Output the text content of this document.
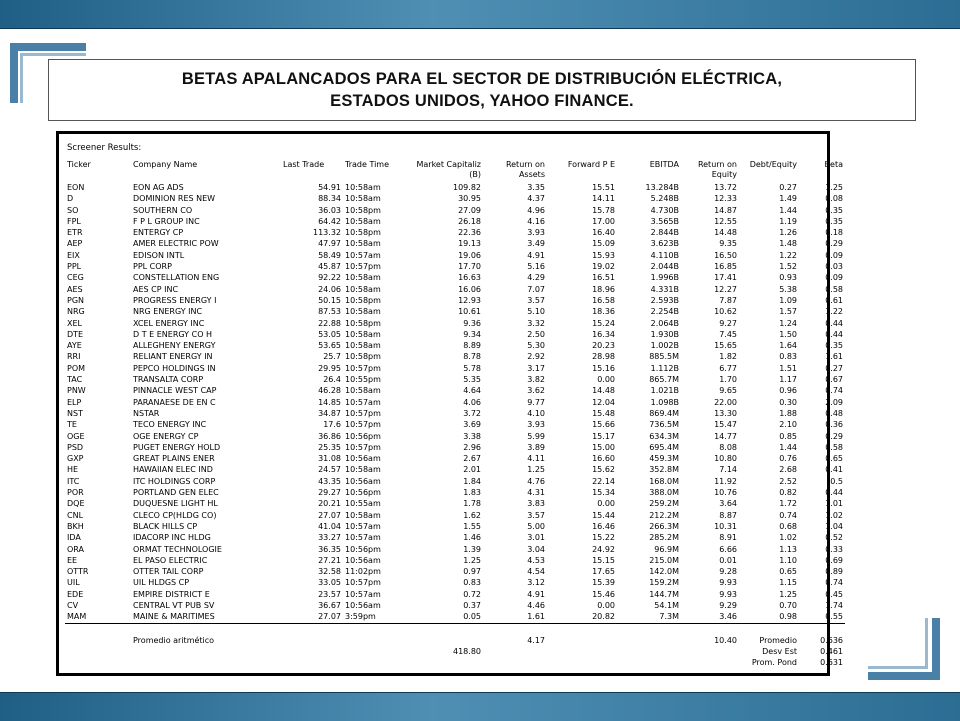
BETAS APALANCADOS PARA EL SECTOR DE DISTRIBUCIÓN ELÉCTRICA,
ESTADOS UNIDOS, YAHOO FINANCE.
Screener Results:
Ticker	Company Name	Last Trade	Trade Time	Market Capitaliz (B)	Return on Assets	Forward P E	EBITDA	Return on Equity	Debt/Equity	Beta
EON	EON AG ADS	54.91	10:58am	109.82	3.35	15.51	13.284B	13.72	0.27	1.25
D	DOMINION RES NEW	88.34	10:58am	30.95	4.37	14.11	5.248B	12.33	1.49	0.08
SO	SOUTHERN CO	36.03	10:58pm	27.09	4.96	15.78	4.730B	14.87	1.44	0.35
FPL	F P L GROUP INC	64.42	10:58am	26.18	4.16	17.00	3.565B	12.55	1.19	0.35
ETR	ENTERGY CP	113.32	10:58pm	22.36	3.93	16.40	2.844B	14.48	1.26	0.18
AEP	AMER ELECTRIC POW	47.97	10:58am	19.13	3.49	15.09	3.623B	9.35	1.48	0.29
EIX	EDISON INTL	58.49	10:57am	19.06	4.91	15.93	4.110B	16.50	1.22	0.09
PPL	PPL CORP	45.87	10:57pm	17.70	5.16	19.02	2.044B	16.85	1.52	0.03
CEG	CONSTELLATION ENG	92.22	10:58am	16.63	4.29	16.51	1.996B	17.41	0.93	0.09
AES	AES CP INC	24.06	10:58am	16.06	7.07	18.96	4.331B	12.27	5.38	0.58
PGN	PROGRESS ENERGY I	50.15	10:58pm	12.93	3.57	16.58	2.593B	7.87	1.09	0.61
NRG	NRG ENERGY INC	87.53	10:58am	10.61	5.10	18.36	2.254B	10.62	1.57	1.22
XEL	XCEL ENERGY INC	22.88	10:58pm	9.36	3.32	15.24	2.064B	9.27	1.24	0.44
DTE	D T E ENERGY CO H	53.05	10:58am	9.34	2.50	16.34	1.930B	7.45	1.50	0.44
AYE	ALLEGHENY ENERGY	53.65	10:58am	8.89	5.30	20.23	1.002B	15.65	1.64	0.35
RRI	RELIANT ENERGY IN	25.7	10:58pm	8.78	2.92	28.98	885.5M	1.82	0.83	1.61
POM	PEPCO HOLDINGS IN	29.95	10:57pm	5.78	3.17	15.16	1.112B	6.77	1.51	0.27
TAC	TRANSALTA CORP	26.4	10:55pm	5.35	3.82	0.00	865.7M	1.70	1.17	0.67
PNW	PINNACLE WEST CAP	46.28	10:58am	4.64	3.62	14.48	1.021B	9.65	0.96	0.74
ELP	PARANAESE DE EN C	14.85	10:57am	4.06	9.77	12.04	1.098B	22.00	0.30	2.09
NST	NSTAR	34.87	10:57pm	3.72	4.10	15.48	869.4M	13.30	1.88	0.48
TE	TECO ENERGY INC	17.6	10:57pm	3.69	3.93	15.66	736.5M	15.47	2.10	0.36
OGE	OGE ENERGY CP	36.86	10:56pm	3.38	5.99	15.17	634.3M	14.77	0.85	0.29
PSD	PUGET ENERGY HOLD	25.35	10:57pm	2.96	3.89	15.00	695.4M	8.08	1.44	0.58
GXP	GREAT PLAINS ENER	31.08	10:56am	2.67	4.11	16.60	459.3M	10.80	0.76	0.65
HE	HAWAIIAN ELEC IND	24.57	10:58am	2.01	1.25	15.62	352.8M	7.14	2.68	0.41
ITC	ITC HOLDINGS CORP	43.35	10:56am	1.84	4.76	22.14	168.0M	11.92	2.52	0.5
POR	PORTLAND GEN ELEC	29.27	10:56pm	1.83	4.31	15.34	388.0M	10.76	0.82	0.44
DQE	DUQUESNE LIGHT HL	20.21	10:55am	1.78	3.83	0.00	259.2M	3.64	1.72	1.01
CNL	CLECO CP(HLDG CO)	27.07	10:58am	1.62	3.57	15.44	212.2M	8.87	0.74	1.02
BKH	BLACK HILLS CP	41.04	10:57am	1.55	5.00	16.46	266.3M	10.31	0.68	1.04
IDA	IDACORP INC HLDG	33.27	10:57am	1.46	3.01	15.22	285.2M	8.91	1.02	0.52
ORA	ORMAT TECHNOLOGIE	36.35	10:56pm	1.39	3.04	24.92	96.9M	6.66	1.13	0.33
EE	EL PASO ELECTRIC	27.21	10:56am	1.25	4.53	15.15	215.0M	0.01	1.10	0.69
OTTR	OTTER TAIL CORP	32.58	11:02pm	0.97	4.54	17.65	142.0M	9.28	0.65	0.89
UIL	UIL HLDGS CP	33.05	10:57pm	0.83	3.12	15.39	159.2M	9.93	1.15	0.74
EDE	EMPIRE DISTRICT E	23.57	10:57am	0.72	4.91	15.46	144.7M	9.93	1.25	0.45
CV	CENTRAL VT PUB SV	36.67	10:56am	0.37	4.46	0.00	54.1M	9.29	0.70	1.74
MAM	MAINE & MARITIMES	27.07	3:59pm	0.05	1.61	20.82	7.3M	3.46	0.98	0.55

	Promedio aritmético				4.17			10.40	Promedio	0.636
				418.80					Desv Est	0.461
									Prom. Pond	0.631
